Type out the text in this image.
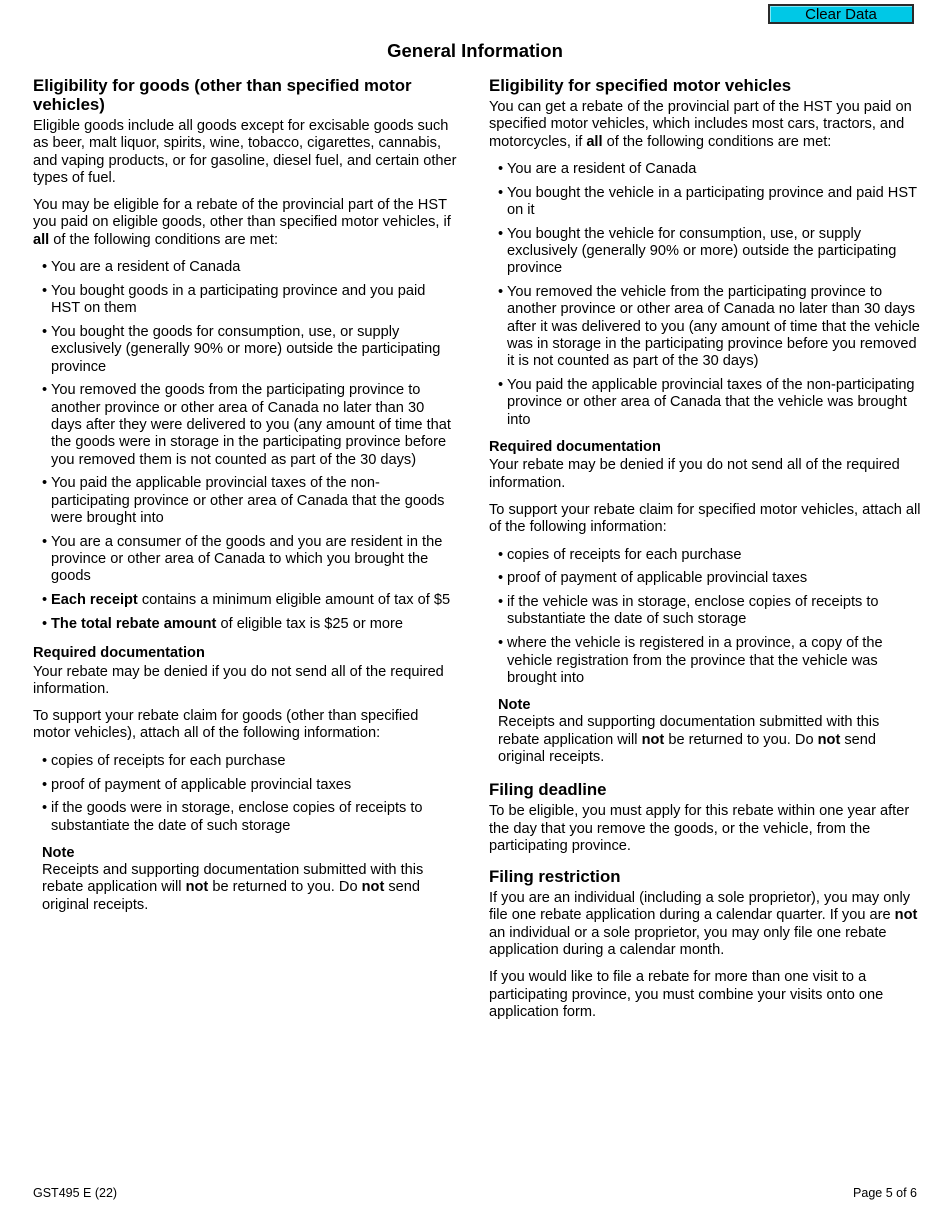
Clear Data
General Information
Eligibility for goods (other than specified motor vehicles)

Eligible goods include all goods except for excisable goods such as beer, malt liquor, spirits, wine, tobacco, cigarettes, cannabis, and vaping products, or for gasoline, diesel fuel, and certain other types of fuel.

You may be eligible for a rebate of the provincial part of the HST you paid on eligible goods, other than specified motor vehicles, if all of the following conditions are met:

• You are a resident of Canada
• You bought goods in a participating province and you paid HST on them
• You bought the goods for consumption, use, or supply exclusively (generally 90% or more) outside the participating province
• You removed the goods from the participating province to another province or other area of Canada no later than 30 days after they were delivered to you (any amount of time that the goods were in storage in the participating province before you removed them is not counted as part of the 30 days)
• You paid the applicable provincial taxes of the non-participating province or other area of Canada that the goods were brought into
• You are a consumer of the goods and you are resident in the province or other area of Canada to which you brought the goods
• Each receipt contains a minimum eligible amount of tax of $5
• The total rebate amount of eligible tax is $25 or more
Required documentation

Your rebate may be denied if you do not send all of the required information.

To support your rebate claim for goods (other than specified motor vehicles), attach all of the following information:

• copies of receipts for each purchase
• proof of payment of applicable provincial taxes
• if the goods were in storage, enclose copies of receipts to substantiate the date of such storage
Note

Receipts and supporting documentation submitted with this rebate application will not be returned to you. Do not send original receipts.

Eligibility for specified motor vehicles

You can get a rebate of the provincial part of the HST you paid on specified motor vehicles, which includes most cars, tractors, and motorcycles, if all of the following conditions are met:

• You are a resident of Canada
• You bought the vehicle in a participating province and paid HST on it
• You bought the vehicle for consumption, use, or supply exclusively (generally 90% or more) outside the participating province
• You removed the vehicle from the participating province to another province or other area of Canada no later than 30 days after it was delivered to you (any amount of time that the vehicle was in storage in the participating province before you removed it is not counted as part of the 30 days)
• You paid the applicable provincial taxes of the non-participating province or other area of Canada that the vehicle was brought into
Required documentation

Your rebate may be denied if you do not send all of the required information.

To support your rebate claim for specified motor vehicles, attach all of the following information:

• copies of receipts for each purchase
• proof of payment of applicable provincial taxes
• if the vehicle was in storage, enclose copies of receipts to substantiate the date of such storage
• where the vehicle is registered in a province, a copy of the vehicle registration from the province that the vehicle was brought into
Note

Receipts and supporting documentation submitted with this rebate application will not be returned to you. Do not send original receipts.

Filing deadline

To be eligible, you must apply for this rebate within one year after the day that you remove the goods, or the vehicle, from the participating province.

Filing restriction

If you are an individual (including a sole proprietor), you may only file one rebate application during a calendar quarter. If you are not an individual or a sole proprietor, you may only file one rebate application during a calendar month.

If you would like to file a rebate for more than one visit to a participating province, you must combine your visits onto one application form.

GST495 E (22)	Page 5 of 6
